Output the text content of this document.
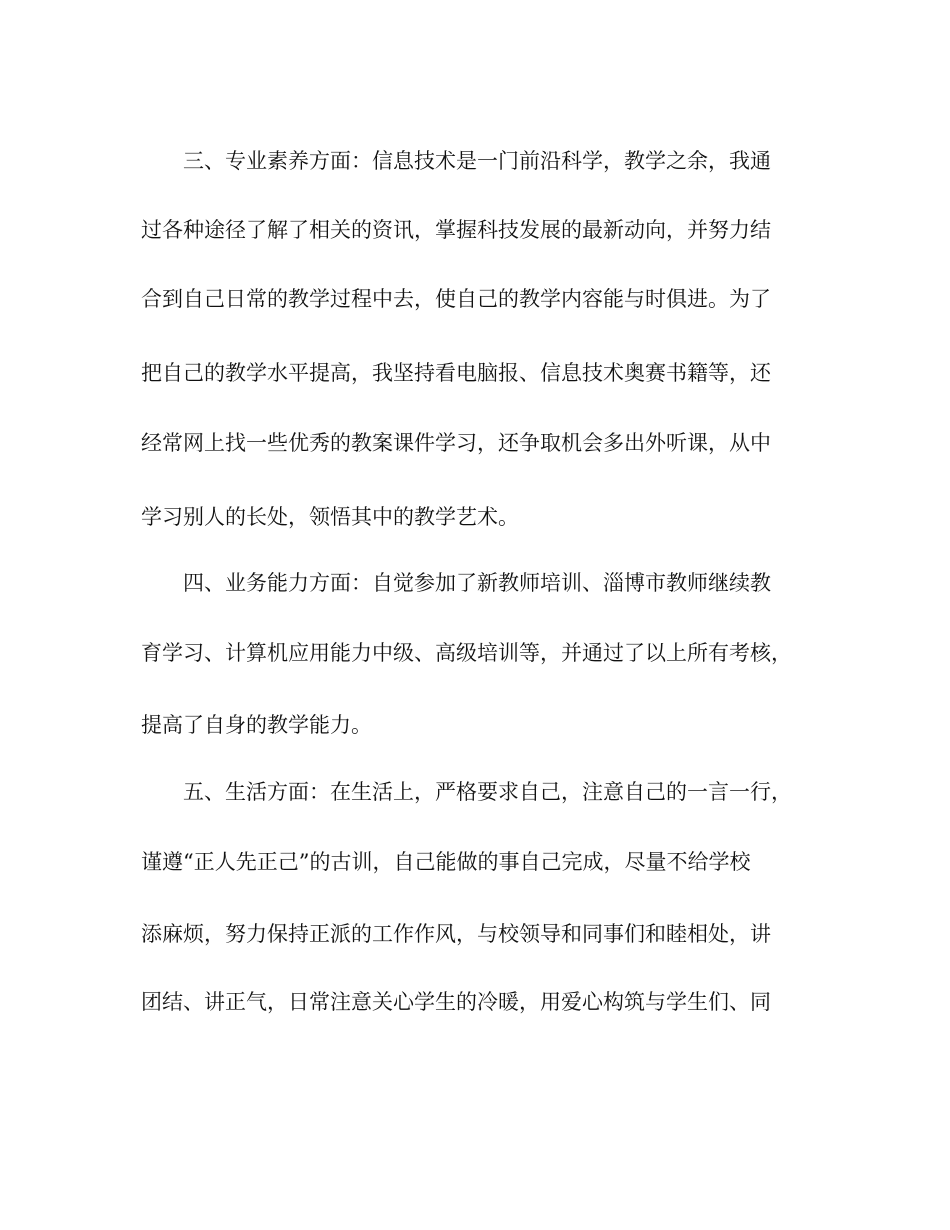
三、专业素养方面：信息技术是一门前沿科学，教学之余，我通
过各种途径了解了相关的资讯，掌握科技发展的最新动向，并努力结
合到自己日常的教学过程中去，使自己的教学内容能与时俱进。为了
把自己的教学水平提高，我坚持看电脑报、信息技术奥赛书籍等，还
经常网上找一些优秀的教案课件学习，还争取机会多出外听课，从中
学习别人的长处，领悟其中的教学艺术。
四、业务能力方面：自觉参加了新教师培训、淄博市教师继续教
育学习、计算机应用能力中级、高级培训等，并通过了以上所有考核，
提高了自身的教学能力。
五、生活方面：在生活上，严格要求自己，注意自己的一言一行，
谨遵“正人先正己”的古训，自己能做的事自己完成，尽量不给学校
添麻烦，努力保持正派的工作作风，与校领导和同事们和睦相处，讲
团结、讲正气，日常注意关心学生的冷暖，用爱心构筑与学生们、同
